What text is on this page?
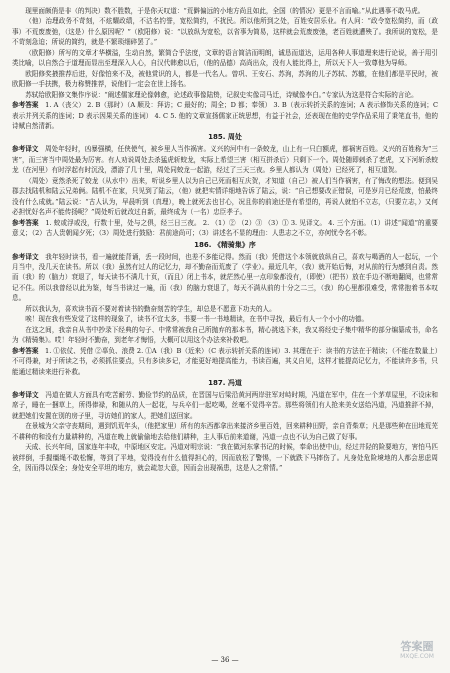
现里面颇俏是非（的判决）数不胜数，于是你天叹道：“荒僻偏远的小地方尚且如此，全国（的情况）更是不言而喻。”从此遇事不敢马虎。

（他）治理政务不苛刻，不炫耀政绩，不沽名钓誉，宽松简约，不扰民。所以他所到之处，百姓安居乐业。有人问：“政令宽松简约，而（政事）不荒废废弛，（这是）什么原因呢？”（欧阳修）说：“以放纵为宽松，以省事为简易，这样就会荒废废弛，老百姓就遭殃了。我所说的宽松，是不苛刻急迫；所说的简约，就是不繁琐细碎罢了。”

（欧阳修）所写的文章才华横溢，生动自然，繁简合乎法度，文章的语言简洁而明朗，诚恳而道达，运用各种人事道理来进行论说，善于用引类比喻，以自然合于道理而显出至理深入人心，自汉代韩愈以后，（他的品德）高尚出众，没有人能比得上，所以天下人一致尊他为导师。

欧阳修奖掖推荐后进，好像怕来不及，被他赏识的人，都是一代名人。曾巩、王安石、苏洵，苏洵的儿子苏轼、苏辙，在他们都是平民时，被欧阳修一手扶携，极力称赞推荐，说他们一定会在世上扬名。

苏轼给欧阳修文集作序说：“阐述儒家理论像韩愈，论述政事像陆贽，记叙史实像司马迁，诗赋像李白。”专家认为这是符合实际的言论。

参考答案  1. A（丧父） 2. B（那时）（A 顺及：拜访；C 最好的；周全；D 都；奉领） 3. B（表示转折关系的连词；A 表示修饰关系的连词；C 表示并列关系的连词；D 表示因果关系的连词） 4. C 5. 他的文章宣扬儒家正统思想，有益于社会，还表现在他的史学作品采用了秉笔直书，他的诗赋自然清新。

185. 周处

参考译文  周处年轻时，凶暴强横，任侠使气，被乡里人当作祸害。义兴的河中有一条蛟龙，山上有一只白额虎，都祸害百姓。义兴的百姓称为“三害”，而三害当中周处最为厉害。有人劝说周处去杀猛虎斩蛟龙，实际上希望三害（相互拼杀后）只剩下一个。周处随即刺杀了老虎，又下河斩杀蛟龙（在河里）有时浮起有时沉没，漂游了几十里，周处同蛟龙一起游，经过了三天三夜。乡里人都认为（周处）已经死了，相互道贺。

（周处）竟然杀死了蛟龙（从水中）出来，听说乡里人以为自己已死而相互庆贺，才知道（自己）被人们当作祸害，有了悔改的想法。便到吴郡去找陆机和陆云兄弟俩。陆机不在家，只见到了陆云，（他）就把实情详细地告诉了陆云，说：“自己想要改正错误，可是岁月已经荒废，怕最终没有什么成就。”陆云说：“古人认为，早晨听到（真理），晚上就死去也甘心，况且你的前途还是有希望的，再说人就怕不立志，（只要立志，）又何必担忧好名声不能传扬呢？”周处听后就改过自新，最终成为（一名）忠臣孝子。

参考答案  1. 蛟或浮或没，行数十里，处与之俱，经三日三夜。 2. （1）② （2）③ （3）① 3. 见译文。 4. 三个方面。（1）讲述“闻道”的重要意义；（2）古人贵朝闻夕死；（3）周处进行鼓励：君前途尚可；（3）讲述名不显的理由：人患志之不立，亦何忧令名不彰。

186. 《精骑集》序

参考译文  我年轻时读书，看一遍就能背诵，丢一段时间，也差不多能记得。然而（我）凭借这个本领就放纵自己，喜欢与喝酒的人一起玩，一个月当中，没几天在读书。所以（我）虽然有过人的记忆力，却不勤奋而荒废了（学业）。最近几年，（我）就开始后悔，对从前的行为感到自责。然而（我）的（脑力）衰退了，每天读书不满几十页，（而且）闭上书本，就茫然心里一点印象都没有，（即使）（把书）放在手边不断地翻阅，也常常记不住。所以我曾经以此为鉴，每当书读过一遍，而（我）的脑力衰退了，每天不满从前的十分之二三，（我）的心里都很难受，常常抱着书本叹息。

所以我认为，喜欢读书而不要对着读书的勤奋刻苦的学生，却总是不愿意下功夫的人。

唉！现在我有些发觉了这样的现象了，读书不宜太多，书要一书一书地精读，在书中寻找，最后有人一个小小的功德。

在这之间，我亲自从书中抄录下经典的句子、中常常被我自己所抛弃的那本书，精心挑选下来，我又将经史子集中精华的部分编纂成书，命名为《精骑集》。哎！年轻时不勤奋，到老年才悔悟，大概可以用这个办法来补救吧。

参考答案  1. ①依仗、凭借 ②辜负、浪费 2. ①A（我）B（近来）（C 表示转折关系的连词）3. 其理在于：读书的方法在于精读；（不能在数量上）不可得兼，对于所读之书，必须抓住要点，只有多读多记，才能更好地提高能力，书读百遍，其义自见，这样才能提高记忆力，不能读许多书，只能通过精读来进行补救。

187. 冯道

参考译文  冯道在做人方面具有吃苦耐劳、勤俭节约的品质，在晋国与后梁沿黄河两岸驻军对峙时期，冯道在军中，住在一个茅草屋里，不设床和席子，睡在一捆草上，所得俸禄，和随从的人一起花，与兵卒们一起吃喝，丝毫不觉得辛苦。那些将领们有人抢来美女送给冯道，冯道推辞不掉，就把她们安置在别的房子里，寻访她们的家人，把她们送回家。

在景城为父亲守丧期间，遇到饥荒年头，（他把家里）所有的东西都拿出来接济乡里百姓，回来耕种田野，亲自背柴草；凡是那些种在田地荒芜不耕种的和没有力量耕种的，冯道在晚上就偷偷地去给他们耕种，主人事后前来道谢，冯道一点也不认为自己做了好事。

天成、长兴年间，国家连年丰收，中原地区安定。冯道对明宗说：“我在做河东掌书记的时候，奉命出使中山，经过井陉的险要地方，害怕马匹被绊倒，手握缰绳不敢松懈，等到了平地，觉得没有什么值得担心的，因而放松了警惕，一下就跌下马摔伤了。凡身处危险境地的人都会思虑周全，因而得以保全；身处安全平坦的地方，就会疏忽大意，因而会出现祸患，这是人之常情。”

— 36 —
答案圈
MXQE.COM
